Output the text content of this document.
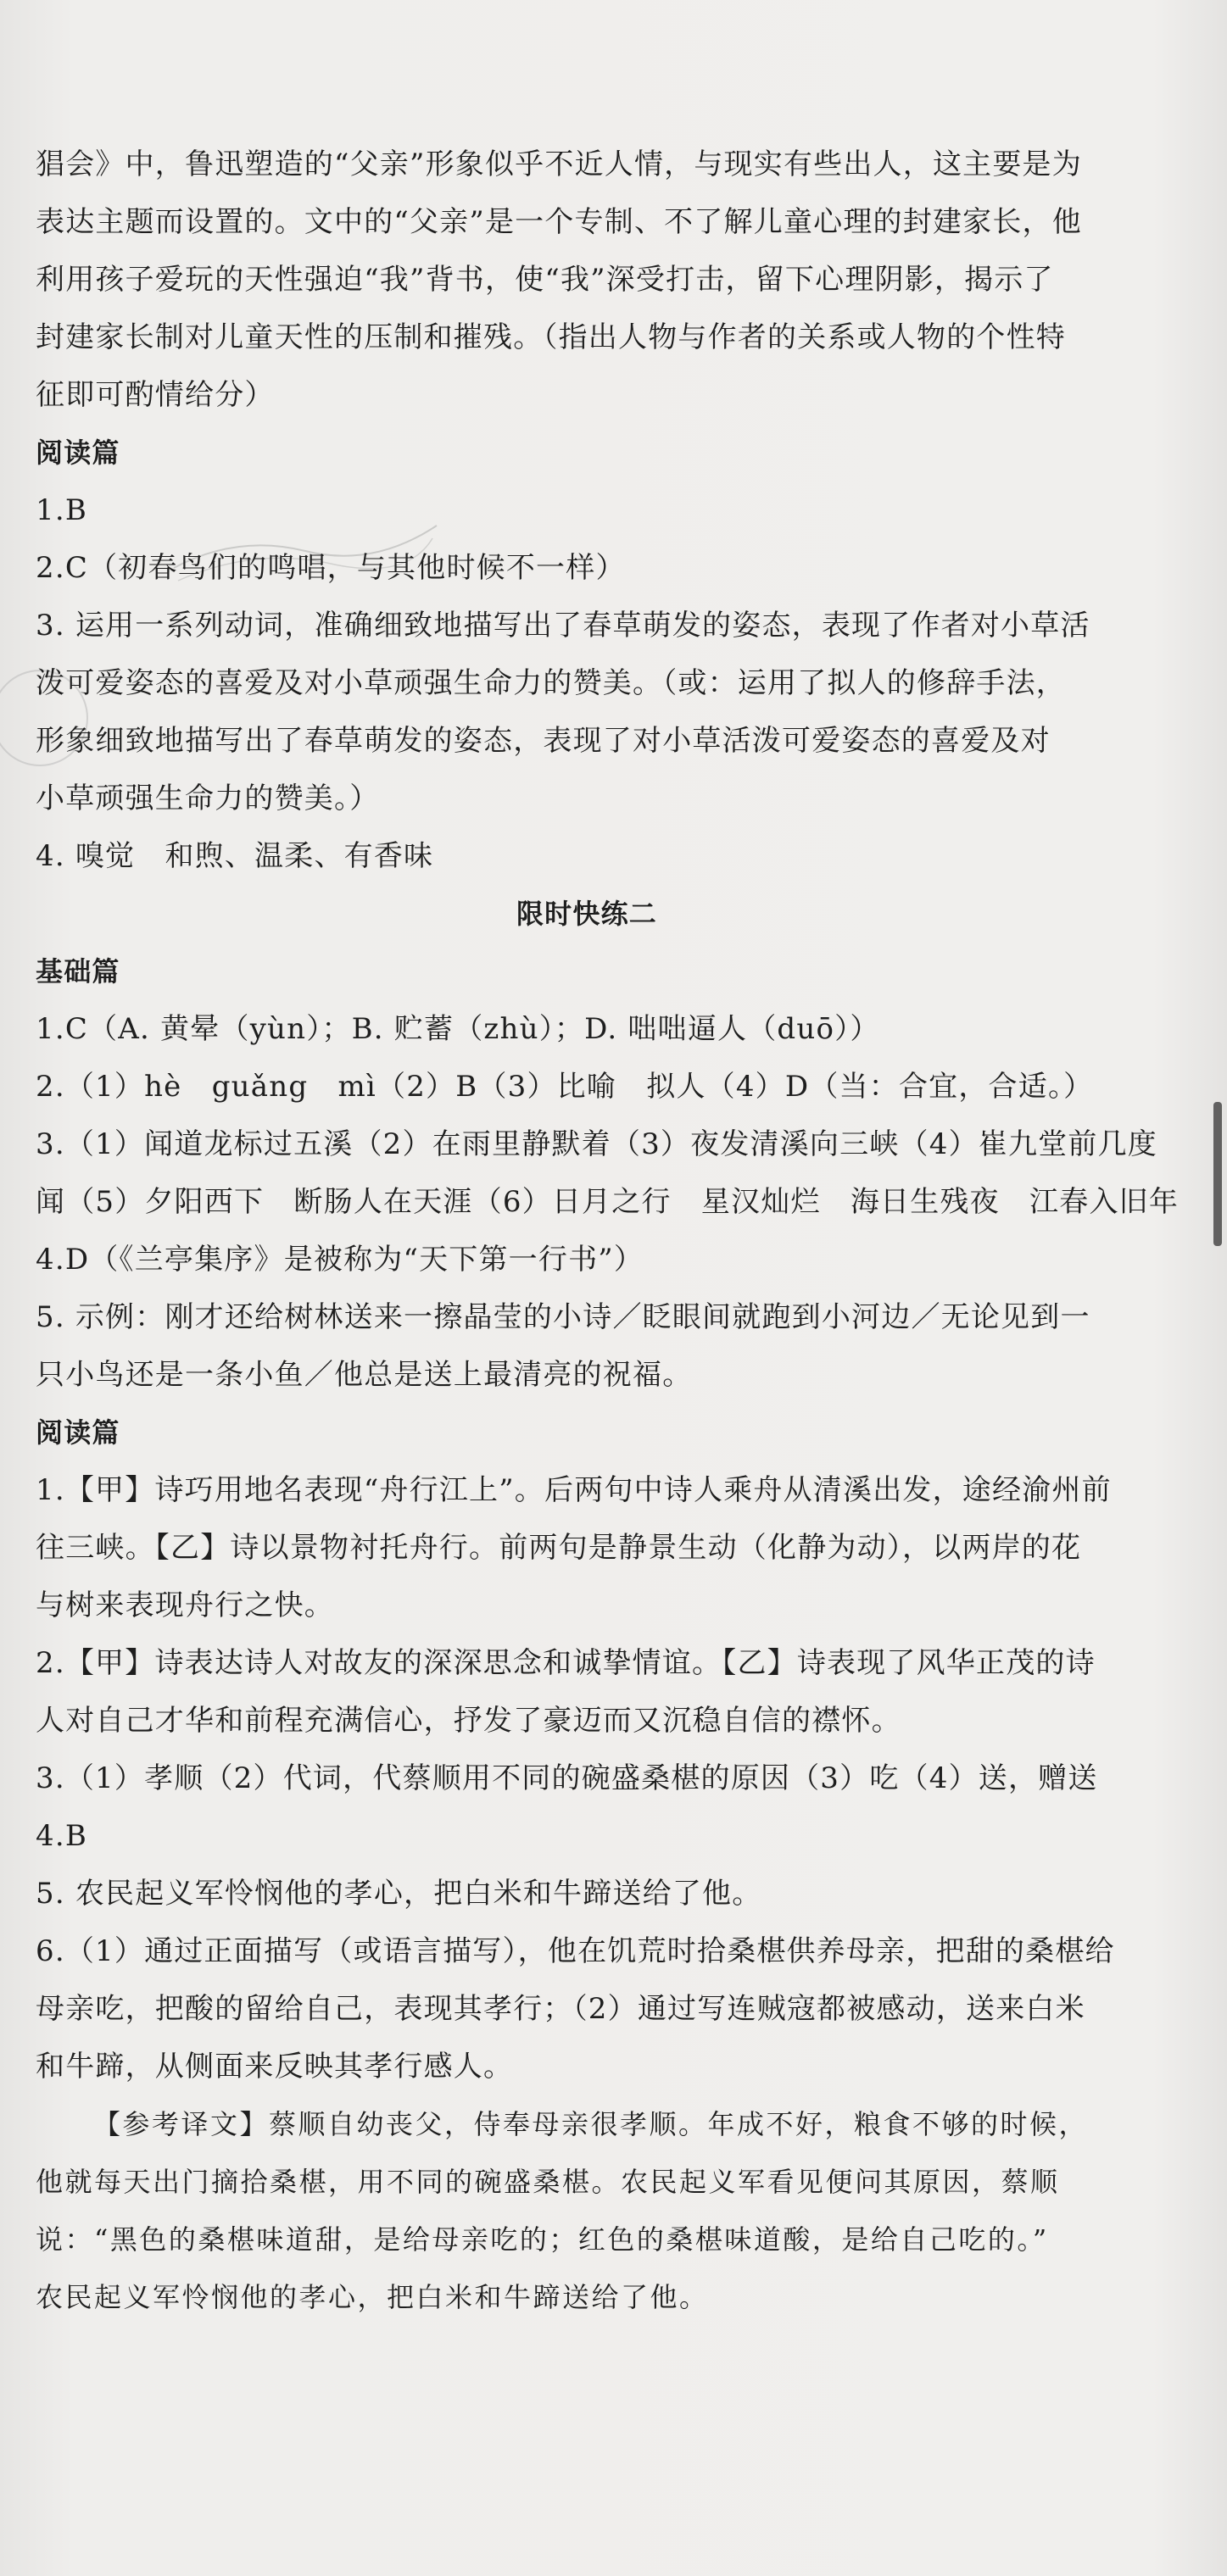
猖会》中，鲁迅塑造的“父亲”形象似乎不近人情，与现实有些出人，这主要是为
表达主题而设置的。文中的“父亲”是一个专制、不了解儿童心理的封建家长，他
利用孩子爱玩的天性强迫“我”背书，使“我”深受打击，留下心理阴影，揭示了
封建家长制对儿童天性的压制和摧残。（指出人物与作者的关系或人物的个性特
征即可酌情给分）
阅读篇
1.B
2.C（初春鸟们的鸣唱，与其他时候不一样）
3. 运用一系列动词，准确细致地描写出了春草萌发的姿态，表现了作者对小草活
泼可爱姿态的喜爱及对小草顽强生命力的赞美。（或：运用了拟人的修辞手法，
形象细致地描写出了春草萌发的姿态，表现了对小草活泼可爱姿态的喜爱及对
小草顽强生命力的赞美。）
4. 嗅觉　和煦、温柔、有香味
限时快练二
基础篇
1.C（A. 黄晕（yùn）；B. 贮蓄（zhù）；D. 咄咄逼人（duō））
2.（1）hè　guǎng　mì（2）B（3）比喻　拟人（4）D（当：合宜，合适。）
3.（1）闻道龙标过五溪（2）在雨里静默着（3）夜发清溪向三峡（4）崔九堂前几度
闻（5）夕阳西下　断肠人在天涯（6）日月之行　星汉灿烂　海日生残夜　江春入旧年
4.D（《兰亭集序》是被称为“天下第一行书”）
5. 示例：刚才还给树林送来一擦晶莹的小诗／眨眼间就跑到小河边／无论见到一
只小鸟还是一条小鱼／他总是送上最清亮的祝福。
阅读篇
1.【甲】诗巧用地名表现“舟行江上”。后两句中诗人乘舟从清溪出发，途经渝州前
往三峡。【乙】诗以景物衬托舟行。前两句是静景生动（化静为动），以两岸的花
与树来表现舟行之快。
2.【甲】诗表达诗人对故友的深深思念和诚挚情谊。【乙】诗表现了风华正茂的诗
人对自己才华和前程充满信心，抒发了豪迈而又沉稳自信的襟怀。
3.（1）孝顺（2）代词，代蔡顺用不同的碗盛桑椹的原因（3）吃（4）送，赠送
4.B
5. 农民起义军怜悯他的孝心，把白米和牛蹄送给了他。
6.（1）通过正面描写（或语言描写），他在饥荒时拾桑椹供养母亲，把甜的桑椹给
母亲吃，把酸的留给自己，表现其孝行；（2）通过写连贼寇都被感动，送来白米
和牛蹄，从侧面来反映其孝行感人。
【参考译文】蔡顺自幼丧父，侍奉母亲很孝顺。年成不好，粮食不够的时候，
他就每天出门摘拾桑椹，用不同的碗盛桑椹。农民起义军看见便问其原因，蔡顺
说：“黑色的桑椹味道甜，是给母亲吃的；红色的桑椹味道酸，是给自己吃的。”
农民起义军怜悯他的孝心，把白米和牛蹄送给了他。
